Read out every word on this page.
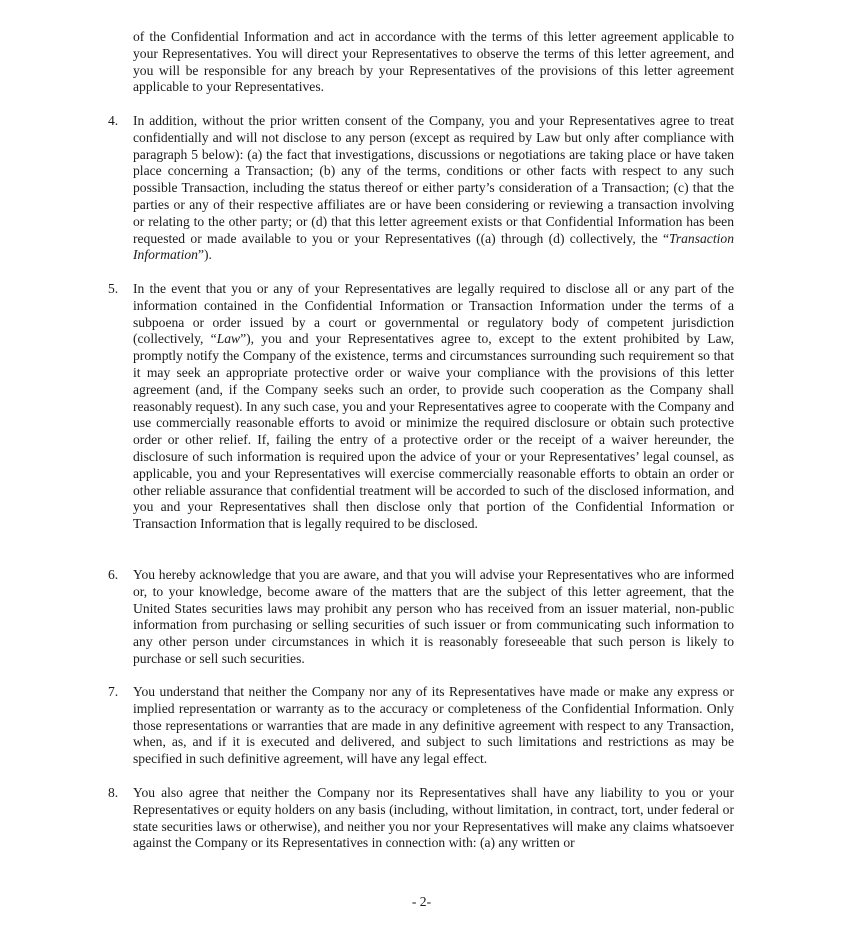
of the Confidential Information and act in accordance with the terms of this letter agreement applicable to your Representatives. You will direct your Representatives to observe the terms of this letter agreement, and you will be responsible for any breach by your Representatives of the provisions of this letter agreement applicable to your Representatives.
4.	In addition, without the prior written consent of the Company, you and your Representatives agree to treat confidentially and will not disclose to any person (except as required by Law but only after compliance with paragraph 5 below): (a) the fact that investigations, discussions or negotiations are taking place or have taken place concerning a Transaction; (b) any of the terms, conditions or other facts with respect to any such possible Transaction, including the status thereof or either party’s consideration of a Transaction; (c) that the parties or any of their respective affiliates are or have been considering or reviewing a transaction involving or relating to the other party; or (d) that this letter agreement exists or that Confidential Information has been requested or made available to you or your Representatives ((a) through (d) collectively, the “Transaction Information”).
5.	In the event that you or any of your Representatives are legally required to disclose all or any part of the information contained in the Confidential Information or Transaction Information under the terms of a subpoena or order issued by a court or governmental or regulatory body of competent jurisdiction (collectively, “Law”), you and your Representatives agree to, except to the extent prohibited by Law, promptly notify the Company of the existence, terms and circumstances surrounding such requirement so that it may seek an appropriate protective order or waive your compliance with the provisions of this letter agreement (and, if the Company seeks such an order, to provide such cooperation as the Company shall reasonably request). In any such case, you and your Representatives agree to cooperate with the Company and use commercially reasonable efforts to avoid or minimize the required disclosure or obtain such protective order or other relief. If, failing the entry of a protective order or the receipt of a waiver hereunder, the disclosure of such information is required upon the advice of your or your Representatives’ legal counsel, as applicable, you and your Representatives will exercise commercially reasonable efforts to obtain an order or other reliable assurance that confidential treatment will be accorded to such of the disclosed information, and you and your Representatives shall then disclose only that portion of the Confidential Information or Transaction Information that is legally required to be disclosed.
6.	You hereby acknowledge that you are aware, and that you will advise your Representatives who are informed or, to your knowledge, become aware of the matters that are the subject of this letter agreement, that the United States securities laws may prohibit any person who has received from an issuer material, non-public information from purchasing or selling securities of such issuer or from communicating such information to any other person under circumstances in which it is reasonably foreseeable that such person is likely to purchase or sell such securities.
7.	You understand that neither the Company nor any of its Representatives have made or make any express or implied representation or warranty as to the accuracy or completeness of the Confidential Information. Only those representations or warranties that are made in any definitive agreement with respect to any Transaction, when, as, and if it is executed and delivered, and subject to such limitations and restrictions as may be specified in such definitive agreement, will have any legal effect.
8.	You also agree that neither the Company nor its Representatives shall have any liability to you or your Representatives or equity holders on any basis (including, without limitation, in contract, tort, under federal or state securities laws or otherwise), and neither you nor your Representatives will make any claims whatsoever against the Company or its Representatives in connection with: (a) any written or
- 2-
